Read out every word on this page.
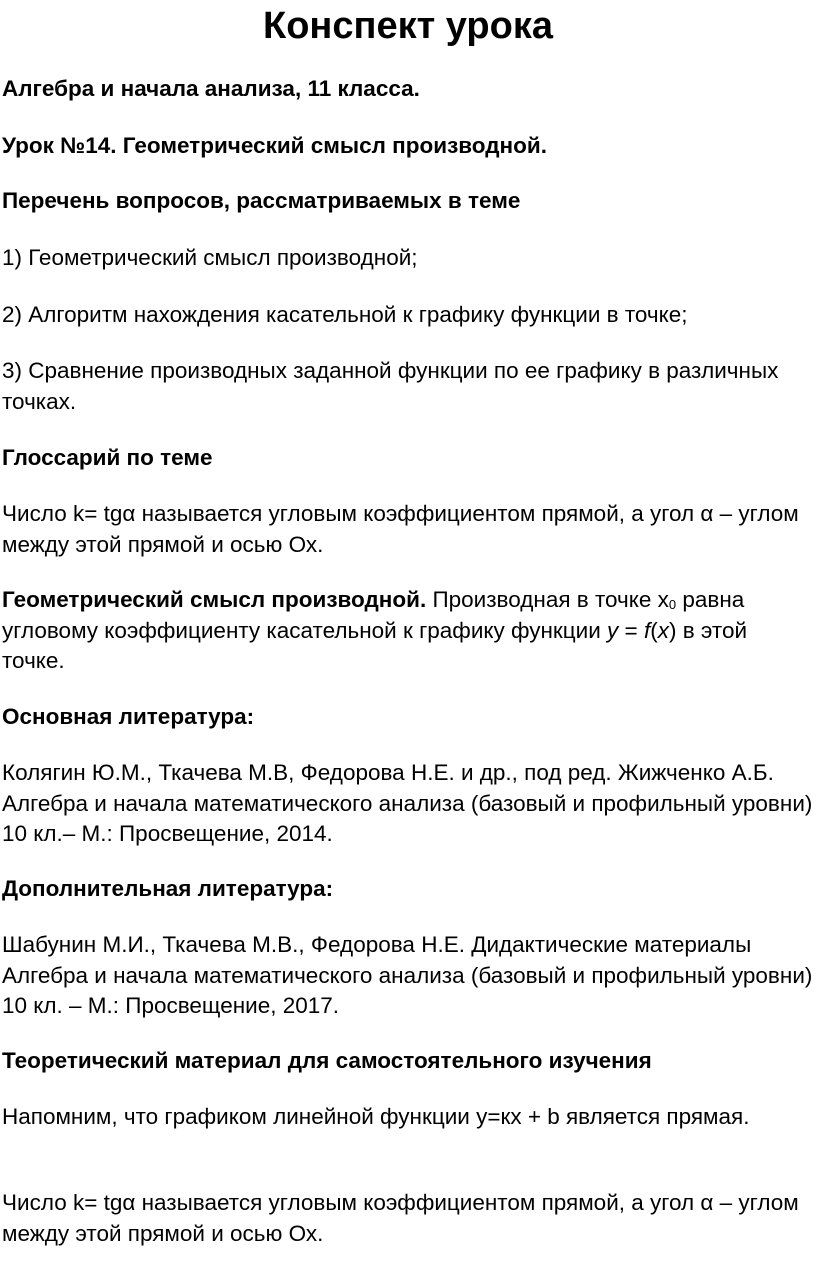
Конспект урока

Алгебра и начала анализа, 11 класса.

Урок №14. Геометрический смысл производной.

Перечень вопросов, рассматриваемых в теме

1) Геометрический смысл производной;

2) Алгоритм нахождения касательной к графику функции в точке;

3) Сравнение производных заданной функции по ее графику в различных точках.

Глоссарий по теме

Число k= tgα называется угловым коэффициентом прямой, а угол α – углом между этой прямой и осью Ох.

Геометрический смысл производной. Производная в точке $x_0$ равна угловому коэффициенту касательной к графику функции y = f(x) в этой точке.

Основная литература:

Колягин Ю.М., Ткачева М.В, Федорова Н.Е. и др., под ред. Жижченко А.Б. Алгебра и начала математического анализа (базовый и профильный уровни) 10 кл.– М.: Просвещение, 2014.

Дополнительная литература:

Шабунин М.И., Ткачева М.В., Федорова Н.Е. Дидактические материалы Алгебра и начала математического анализа (базовый и профильный уровни) 10 кл. – М.: Просвещение, 2017.

Теоретический материал для самостоятельного изучения

Напомним, что графиком линейной функции y=кx + b является прямая.

Число k= tgα называется угловым коэффициентом прямой, а угол α – углом между этой прямой и осью Ох.
